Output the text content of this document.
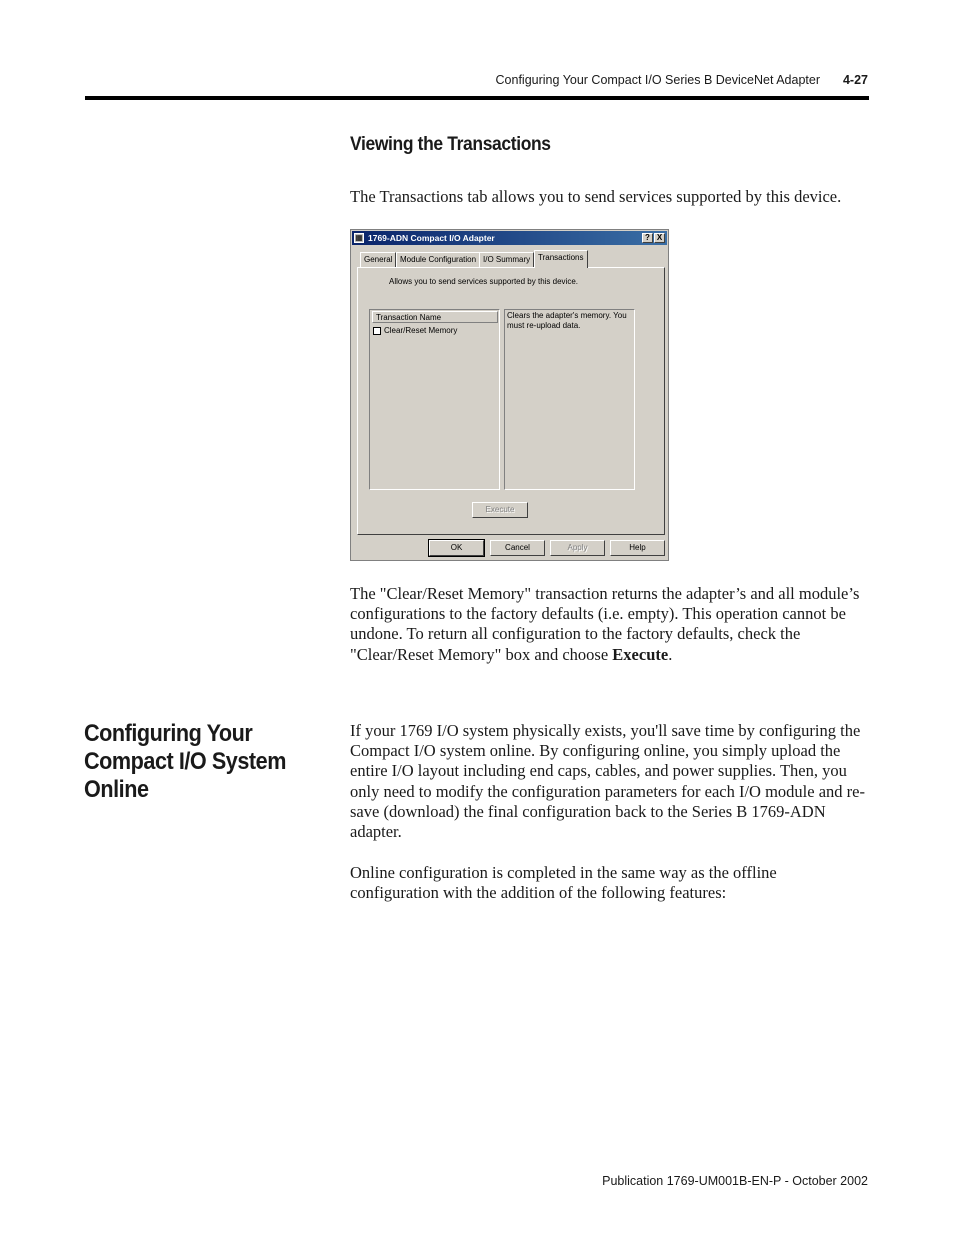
Configuring Your Compact I/O Series B DeviceNet Adapter 4-27
Viewing the Transactions

The Transactions tab allows you to send services supported by this device.

▦ 1769-ADN Compact I/O Adapter	? X
General Module Configuration I/O Summary Transactions
Allows you to send services supported by this device.
Transaction Name
Clear/Reset Memory
Clears the adapter's memory. You must re-upload data.
Execute
OK	Cancel	Apply	Help

The "Clear/Reset Memory" transaction returns the adapter’s and all module’s configurations to the factory defaults (i.e. empty). This operation cannot be undone. To return all configuration to the factory defaults, check the "Clear/Reset Memory" box and choose Execute.

Configuring Your Compact I/O System Online

If your 1769 I/O system physically exists, you'll save time by configuring the Compact I/O system online. By configuring online, you simply upload the entire I/O layout including end caps, cables, and power supplies. Then, you only need to modify the configuration parameters for each I/O module and re-save (download) the final configuration back to the Series B 1769-ADN adapter.

Online configuration is completed in the same way as the offline configuration with the addition of the following features:

Publication 1769-UM001B-EN-P - October 2002
